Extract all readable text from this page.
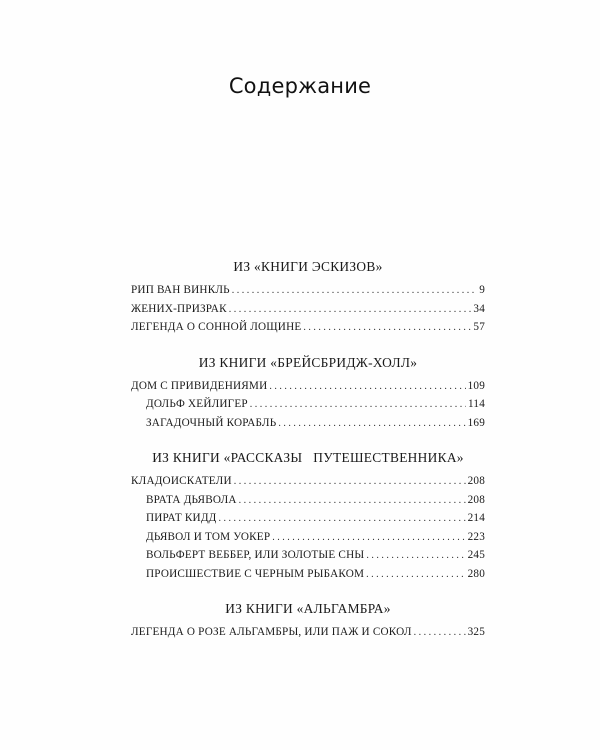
Содержание
ИЗ «КНИГИ ЭСКИЗОВ»
РИП ВАН ВИНКЛЬ . . .	9
ЖЕНИХ-ПРИЗРАК . . .	34
ЛЕГЕНДА О СОННОЙ ЛОЩИНЕ . . .	57
ИЗ КНИГИ «БРЕЙСБРИДЖ-ХОЛЛ»
ДОМ С ПРИВИДЕНИЯМИ . . .	109
ДОЛЬФ ХЕЙЛИГЕР . . .	114
ЗАГАДОЧНЫЙ КОРАБЛЬ . . .	169
ИЗ КНИГИ «РАССКАЗЫ   ПУТЕШЕСТВЕННИКА»
КЛАДОИСКАТЕЛИ . . .	208
ВРАТА ДЬЯВОЛА . . .	208
ПИРАТ КИДД . . .	214
ДЬЯВОЛ И ТОМ УОКЕР . . .	223
ВОЛЬФЕРТ ВЕББЕР, ИЛИ ЗОЛОТЫЕ СНЫ . . .	245
ПРОИСШЕСТВИЕ С ЧЕРНЫМ РЫБАКОМ . . .	280
ИЗ КНИГИ «АЛЬГАМБРА»
ЛЕГЕНДА О РОЗЕ АЛЬГАМБРЫ, ИЛИ ПАЖ И СОКОЛ . . .	325
